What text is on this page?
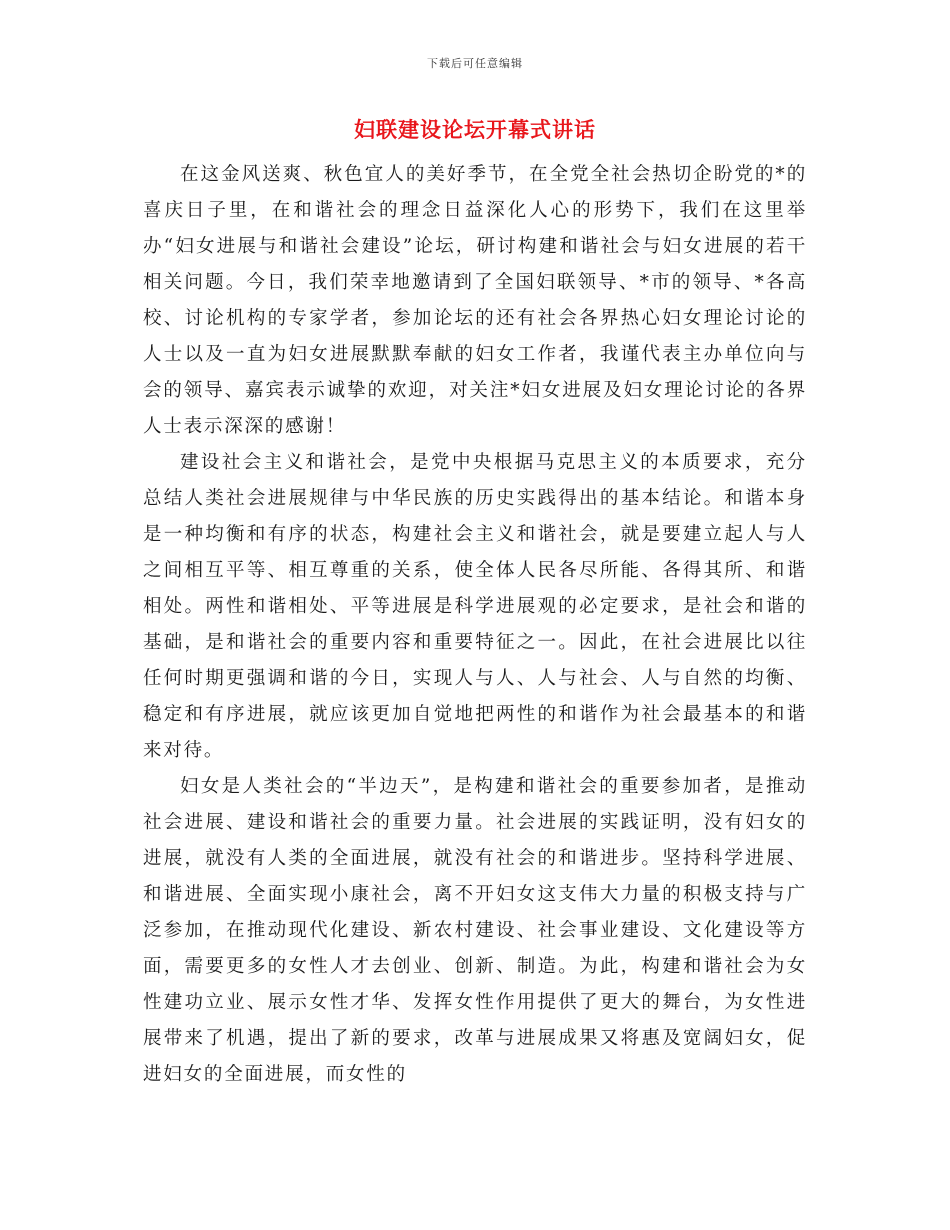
下载后可任意编辑
妇联建设论坛开幕式讲话

在这金风送爽、秋色宜人的美好季节，在全党全社会热切企盼党的*的喜庆日子里，在和谐社会的理念日益深化人心的形势下，我们在这里举办“妇女进展与和谐社会建设”论坛，研讨构建和谐社会与妇女进展的若干相关问题。今日，我们荣幸地邀请到了全国妇联领导、*市的领导、*各高校、讨论机构的专家学者，参加论坛的还有社会各界热心妇女理论讨论的人士以及一直为妇女进展默默奉献的妇女工作者，我谨代表主办单位向与会的领导、嘉宾表示诚挚的欢迎，对关注*妇女进展及妇女理论讨论的各界人士表示深深的感谢！

建设社会主义和谐社会，是党中央根据马克思主义的本质要求，充分总结人类社会进展规律与中华民族的历史实践得出的基本结论。和谐本身是一种均衡和有序的状态，构建社会主义和谐社会，就是要建立起人与人之间相互平等、相互尊重的关系，使全体人民各尽所能、各得其所、和谐相处。两性和谐相处、平等进展是科学进展观的必定要求，是社会和谐的基础，是和谐社会的重要内容和重要特征之一。因此，在社会进展比以往任何时期更强调和谐的今日，实现人与人、人与社会、人与自然的均衡、稳定和有序进展，就应该更加自觉地把两性的和谐作为社会最基本的和谐来对待。

妇女是人类社会的“半边天”，是构建和谐社会的重要参加者，是推动社会进展、建设和谐社会的重要力量。社会进展的实践证明，没有妇女的进展，就没有人类的全面进展，就没有社会的和谐进步。坚持科学进展、和谐进展、全面实现小康社会，离不开妇女这支伟大力量的积极支持与广泛参加，在推动现代化建设、新农村建设、社会事业建设、文化建设等方面，需要更多的女性人才去创业、创新、制造。为此，构建和谐社会为女性建功立业、展示女性才华、发挥女性作用提供了更大的舞台，为女性进展带来了机遇，提出了新的要求，改革与进展成果又将惠及宽阔妇女，促进妇女的全面进展，而女性的
